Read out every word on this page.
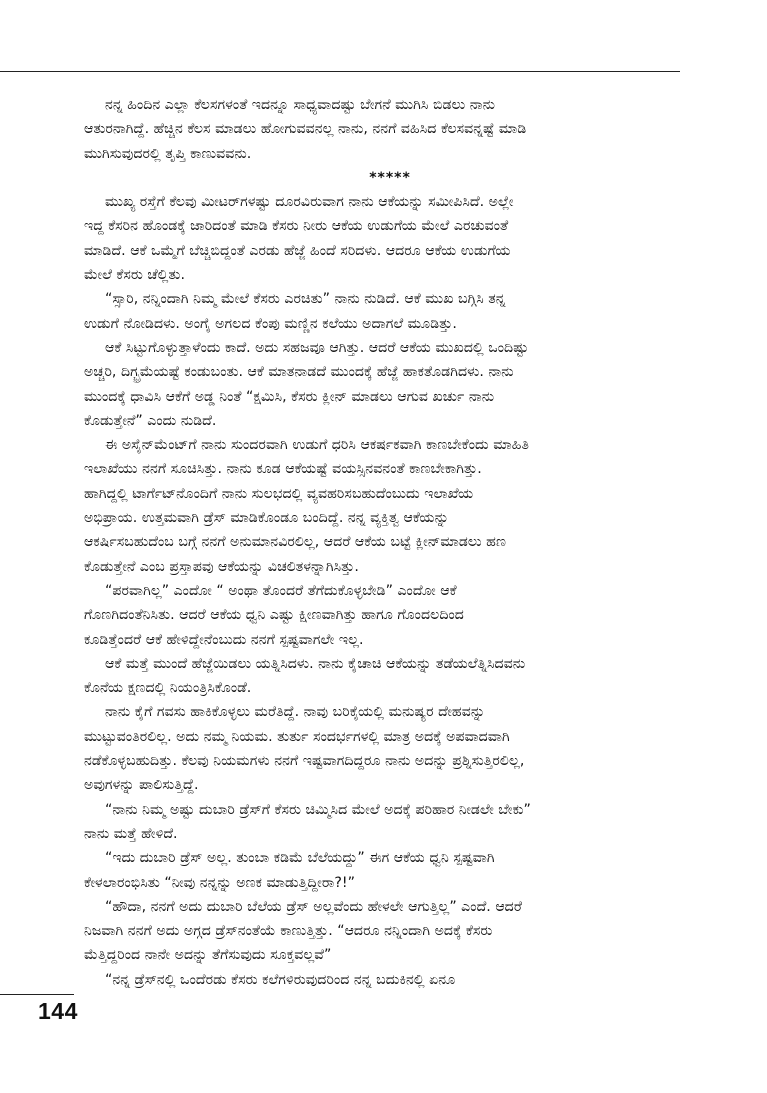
ನನ್ನ ಹಿಂದಿನ ಎಲ್ಲಾ ಕೆಲಸಗಳಂತೆ ಇದನ್ನೂ ಸಾಧ್ಯವಾದಷ್ಟು ಬೇಗನೆ ಮುಗಿಸಿ ಬಿಡಲು ನಾನು
ಆತುರನಾಗಿದ್ದೆ. ಹೆಚ್ಚಿನ ಕೆಲಸ ಮಾಡಲು ಹೋಗುವವನಲ್ಲ ನಾನು, ನನಗೆ ವಹಿಸಿದ ಕೆಲಸವನ್ನಷ್ಟೆ ಮಾಡಿ
ಮುಗಿಸುವುದರಲ್ಲಿ ತೃಪ್ತಿ ಕಾಣುವವನು.
*****
ಮುಖ್ಯ ರಸ್ತೆಗೆ ಕೆಲವು ಮೀಟರ್‌ಗಳಷ್ಟು ದೂರವಿರುವಾಗ ನಾನು ಆಕೆಯನ್ನು ಸಮೀಪಿಸಿದೆ. ಅಲ್ಲೇ
ಇದ್ದ ಕೆಸರಿನ ಹೊಂಡಕ್ಕೆ ಜಾರಿದಂತೆ ಮಾಡಿ ಕೆಸರು ನೀರು ಆಕೆಯ ಉಡುಗೆಯ ಮೇಲೆ ಎರಚುವಂತೆ
ಮಾಡಿದೆ. ಆಕೆ ಒಮ್ಮೆಗೆ ಬೆಚ್ಚಿಬಿದ್ದಂತೆ ಎರಡು ಹೆಜ್ಜೆ ಹಿಂದೆ ಸರಿದಳು. ಆದರೂ ಆಕೆಯ ಉಡುಗೆಯ
ಮೇಲೆ ಕೆಸರು ಚೆಲ್ಲಿತು.
“ಸ್ಸಾರಿ, ನನ್ನಿಂದಾಗಿ ನಿಮ್ಮ ಮೇಲೆ ಕೆಸರು ಎರಚಿತು” ನಾನು ನುಡಿದೆ. ಆಕೆ ಮುಖ ಬಗ್ಗಿಸಿ ತನ್ನ
ಉಡುಗೆ ನೋಡಿದಳು. ಅಂಗೈ ಅಗಲದ ಕೆಂಪು ಮಣ್ಣಿನ ಕಲೆಯು ಅದಾಗಲೆ ಮೂಡಿತ್ತು.
ಆಕೆ ಸಿಟ್ಟುಗೊಳ್ಳುತ್ತಾಳೆಂದು ಕಾದೆ. ಅದು ಸಹಜವೂ ಆಗಿತ್ತು. ಆದರೆ ಆಕೆಯ ಮುಖದಲ್ಲಿ ಒಂದಿಷ್ಟು
ಅಚ್ಚರಿ, ದಿಗ್ಭ್ರಮೆಯಷ್ಟೆ ಕಂಡುಬಂತು. ಆಕೆ ಮಾತನಾಡದೆ ಮುಂದಕ್ಕೆ ಹೆಜ್ಜೆ ಹಾಕತೊಡಗಿದಳು. ನಾನು
ಮುಂದಕ್ಕೆ ಧಾವಿಸಿ ಆಕೆಗೆ ಅಡ್ಡ ನಿಂತೆ “ಕ್ಷಮಿಸಿ, ಕೆಸರು ಕ್ಲೀನ್ ಮಾಡಲು ಆಗುವ ಖರ್ಚು ನಾನು
ಕೊಡುತ್ತೇನೆ” ಎಂದು ನುಡಿದೆ.
ಈ ಅಸೈನ್‌ಮೆಂಟ್‌ಗೆ ನಾನು ಸುಂದರವಾಗಿ ಉಡುಗೆ ಧರಿಸಿ ಆಕರ್ಷಕವಾಗಿ ಕಾಣಬೇಕೆಂದು ಮಾಹಿತಿ
ಇಲಾಖೆಯು ನನಗೆ ಸೂಚಿಸಿತ್ತು. ನಾನು ಕೂಡ ಆಕೆಯಷ್ಟೆ ವಯಸ್ಸಿನವನಂತೆ ಕಾಣಬೇಕಾಗಿತ್ತು.
ಹಾಗಿದ್ದಲ್ಲಿ ಟಾರ್ಗೆಟ್‌ನೊಂದಿಗೆ ನಾನು ಸುಲಭದಲ್ಲಿ ವ್ಯವಹರಿಸಬಹುದೆಂಬುದು ಇಲಾಖೆಯ
ಅಭಿಪ್ರಾಯ. ಉತ್ತಮವಾಗಿ ಡ್ರೆಸ್ ಮಾಡಿಕೊಂಡೂ ಬಂದಿದ್ದೆ. ನನ್ನ ವ್ಯಕ್ತಿತ್ವ ಆಕೆಯನ್ನು
ಆಕರ್ಷಿಸಬಹುದೆಂಬ ಬಗ್ಗೆ ನನಗೆ ಅನುಮಾನವಿರಲಿಲ್ಲ, ಆದರೆ ಆಕೆಯ ಬಟ್ಟೆ ಕ್ಲೀನ್‌ಮಾಡಲು ಹಣ
ಕೊಡುತ್ತೇನೆ ಎಂಬ ಪ್ರಸ್ತಾಪವು ಆಕೆಯನ್ನು ವಿಚಲಿತಳನ್ನಾಗಿಸಿತ್ತು.
“ಪರವಾಗಿಲ್ಲ” ಎಂದೋ “ ಅಂಥಾ ತೊಂದರೆ ತೆಗೆದುಕೊಳ್ಳಬೇಡಿ” ಎಂದೋ ಆಕೆ
ಗೊಣಗಿದಂತೆನಿಸಿತು. ಆದರೆ ಆಕೆಯ ಧ್ವನಿ ಎಷ್ಟು ಕ್ಷೀಣವಾಗಿತ್ತು ಹಾಗೂ ಗೊಂದಲದಿಂದ
ಕೂಡಿತ್ತೆಂದರೆ ಆಕೆ ಹೇಳಿದ್ದೇನೆಂಬುದು ನನಗೆ ಸ್ಪಷ್ಟವಾಗಲೇ ಇಲ್ಲ.
ಆಕೆ ಮತ್ತೆ ಮುಂದೆ ಹೆಜ್ಜೆಯಿಡಲು ಯತ್ನಿಸಿದಳು. ನಾನು ಕೈಚಾಚಿ ಆಕೆಯನ್ನು ತಡೆಯಲೆತ್ನಿಸಿದವನು
ಕೊನೆಯ ಕ್ಷಣದಲ್ಲಿ ನಿಯಂತ್ರಿಸಿಕೊಂಡೆ.
ನಾನು ಕೈಗೆ ಗವಸು ಹಾಕಿಕೊಳ್ಳಲು ಮರೆತಿದ್ದೆ. ನಾವು ಬರಿಕೈಯಲ್ಲಿ ಮನುಷ್ಯರ ದೇಹವನ್ನು
ಮುಟ್ಟುವಂತಿರಲಿಲ್ಲ. ಅದು ನಮ್ಮ ನಿಯಮ. ತುರ್ತು ಸಂದರ್ಭಗಳಲ್ಲಿ ಮಾತ್ರ ಅದಕ್ಕೆ ಅಪವಾದವಾಗಿ
ನಡೆಕೊಳ್ಳಬಹುದಿತ್ತು. ಕೆಲವು ನಿಯಮಗಳು ನನಗೆ ಇಷ್ಟವಾಗದಿದ್ದರೂ ನಾನು ಅದನ್ನು ಪ್ರಶ್ನಿಸುತ್ತಿರಲಿಲ್ಲ,
ಅವುಗಳನ್ನು ಪಾಲಿಸುತ್ತಿದ್ದೆ.
“ನಾನು ನಿಮ್ಮ ಅಷ್ಟು ದುಬಾರಿ ಡ್ರೆಸ್‌ಗೆ ಕೆಸರು ಚಿಮ್ಮಿಸಿದ ಮೇಲೆ ಅದಕ್ಕೆ ಪರಿಹಾರ ನೀಡಲೇ ಬೇಕು”
ನಾನು ಮತ್ತೆ ಹೇಳಿದೆ.
“ಇದು ದುಬಾರಿ ಡ್ರೆಸ್ ಅಲ್ಲ. ತುಂಬಾ ಕಡಿಮೆ ಬೆಲೆಯದ್ದು” ಈಗ ಆಕೆಯ ಧ್ವನಿ ಸ್ಪಷ್ಟವಾಗಿ
ಕೇಳಲಾರಂಭಿಸಿತು “ನೀವು ನನ್ನನ್ನು ಅಣಕ ಮಾಡುತ್ತಿದ್ದೀರಾ?!”
“ಹೌದಾ, ನನಗೆ ಅದು ದುಬಾರಿ ಬೆಲೆಯ ಡ್ರೆಸ್ ಅಲ್ಲವೆಂದು ಹೇಳಲೇ ಆಗುತ್ತಿಲ್ಲ” ಎಂದೆ. ಆದರೆ
ನಿಜವಾಗಿ ನನಗೆ ಅದು ಅಗ್ಗದ ಡ್ರೆಸ್‌ನಂತೆಯೆ ಕಾಣುತ್ತಿತ್ತು. “ಆದರೂ ನನ್ನಿಂದಾಗಿ ಅದಕ್ಕೆ ಕೆಸರು
ಮೆತ್ತಿದ್ದರಿಂದ ನಾನೇ ಅದನ್ನು ತೆಗೆಸುವುದು ಸೂಕ್ತವಲ್ಲವೆ”
“ನನ್ನ ಡ್ರೆಸ್‌ನಲ್ಲಿ ಒಂದೆರಡು ಕೆಸರು ಕಲೆಗಳಿರುವುದರಿಂದ ನನ್ನ ಬದುಕಿನಲ್ಲಿ ಏನೂ
144
